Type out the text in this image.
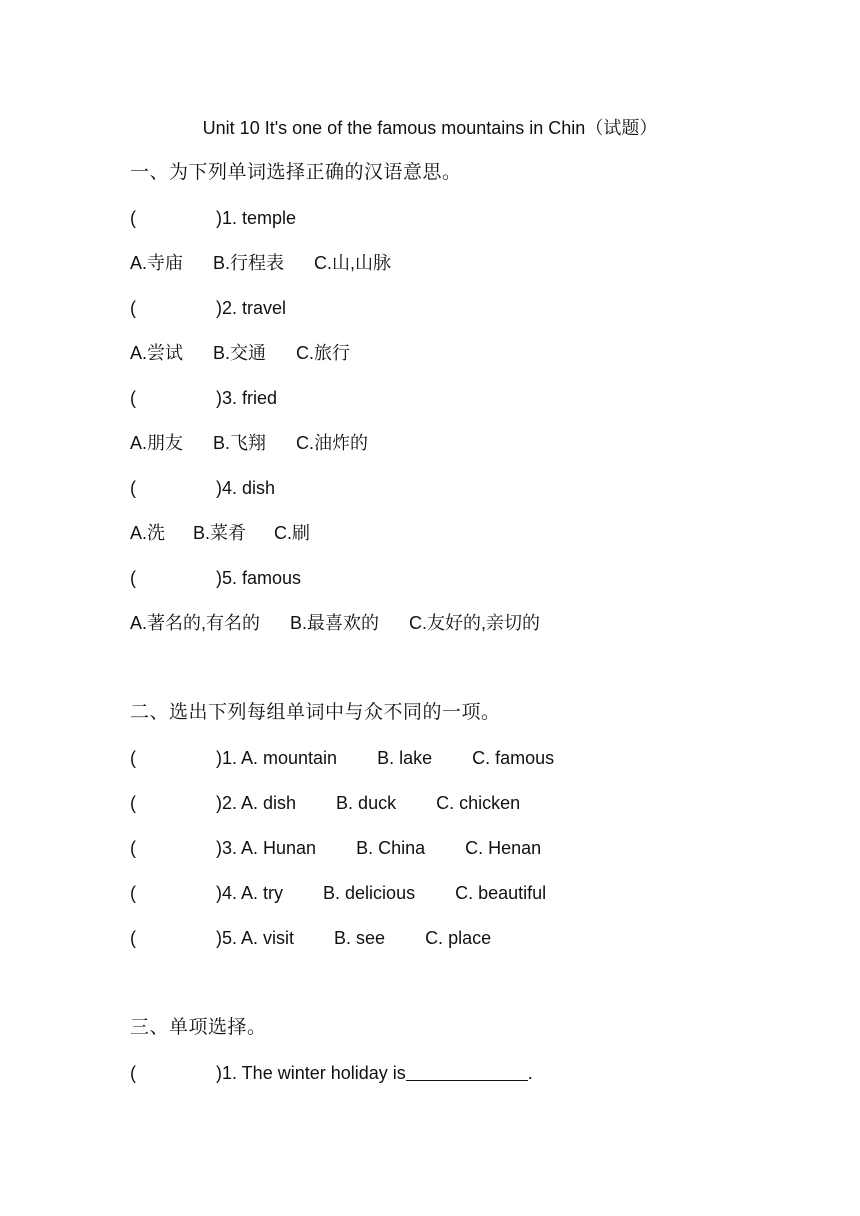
Unit 10 It's one of the famous mountains in Chin（试题）
一、为下列单词选择正确的汉语意思。
(	)1. temple
A.寺庙 B.行程表 C.山,山脉
(	)2. travel
A.尝试 B.交通 C.旅行
(	)3. fried
A.朋友 B.飞翔 C.油炸的
(	)4. dish
A.洗 B.菜肴 C.刷
(	)5. famous
A.著名的,有名的 B.最喜欢的 C.友好的,亲切的
二、选出下列每组单词中与众不同的一项。
(	)1. A. mountain B. lake C. famous
(	)2. A. dish B. duck C. chicken
(	)3. A. Hunan B. China C. Henan
(	)4. A. try B. delicious C. beautiful
(	)5. A. visit B. see C. place
三、单项选择。
(	)1. The winter holiday is	.
